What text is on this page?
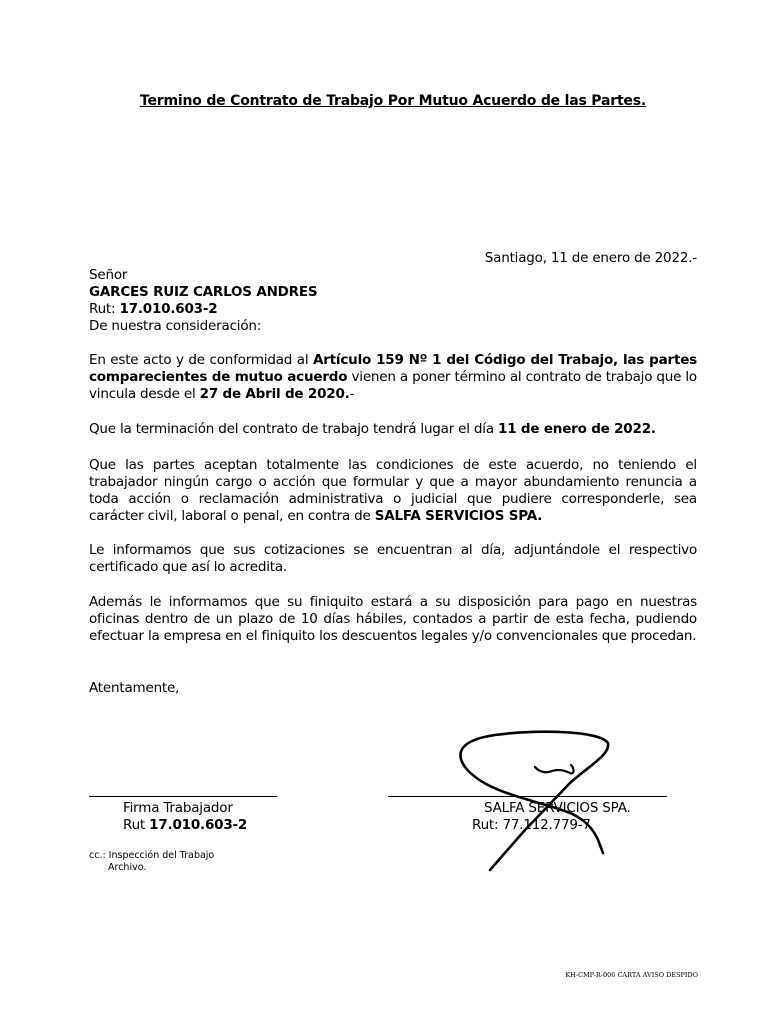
Termino de Contrato de Trabajo Por Mutuo Acuerdo de las Partes.
Santiago, 11 de enero de 2022.-
Señor
GARCES RUIZ CARLOS ANDRES
Rut: 17.010.603-2
De nuestra consideración:
En este acto y de conformidad al Artículo 159 Nº 1 del Código del Trabajo, las partes comparecientes de mutuo acuerdo vienen a poner término al contrato de trabajo que lo vincula desde el 27 de Abril de 2020.-
Que la terminación del contrato de trabajo tendrá lugar el día 11 de enero de 2022.
Que las partes aceptan totalmente las condiciones de este acuerdo, no teniendo el trabajador ningún cargo o acción que formular y que a mayor abundamiento renuncia a toda acción o reclamación administrativa o judicial que pudiere corresponderle, sea carácter civil, laboral o penal, en contra de SALFA SERVICIOS SPA.
Le informamos que sus cotizaciones se encuentran al día, adjuntándole el respectivo certificado que así lo acredita.
Además le informamos que su finiquito estará a su disposición para pago en nuestras oficinas dentro de un plazo de 10 días hábiles, contados a partir de esta fecha, pudiendo efectuar la empresa en el finiquito los descuentos legales y/o convencionales que procedan.
Atentamente,
Firma Trabajador
Rut 17.010.603-2
SALFA SERVICIOS SPA.
Rut: 77.112.779-7
cc.: Inspección del Trabajo
Archivo.
KH-CMP-R-006 CARTA AVISO DESPIDO
